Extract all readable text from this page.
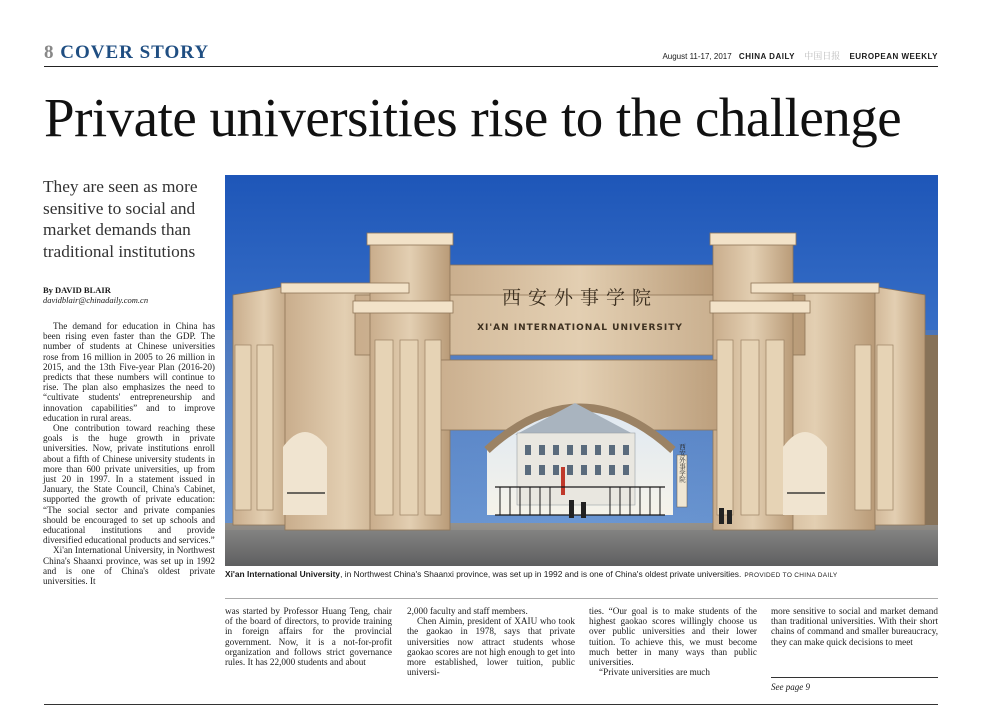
8 COVER STORY	August 11-17, 2017 CHINA DAILY 中国日报 EUROPEAN WEEKLY
Private universities rise to the challenge

They are seen as more sensitive to social and market demands than traditional institutions

By DAVID BLAIR
davidblair@chinadaily.com.cn

The demand for education in China has been rising even faster than the GDP. The number of students at Chinese universities rose from 16 million in 2005 to 26 million in 2015, and the 13th Five-year Plan (2016-20) predicts that these numbers will continue to rise. The plan also emphasizes the need to “cultivate students' entrepreneurship and innovation capabilities” and to improve education in rural areas.

One contribution toward reaching these goals is the huge growth in private universities. Now, private institutions enroll about a fifth of Chinese university students in more than 600 private universities, up from just 20 in 1997. In a statement issued in January, the State Council, China's Cabinet, supported the growth of private education: “The social sector and private companies should be encouraged to set up schools and educational institutions and provide diversified educational products and services.”

Xi'an International University, in Northwest China's Shaanxi province, was set up in 1992 and is one of China's oldest private universities. It

西安外事学院
XI'AN INTERNATIONAL UNIVERSITY
西安外事学院
Xi'an International University, in Northwest China's Shaanxi province, was set up in 1992 and is one of China's oldest private universities. PROVIDED TO CHINA DAILY

was started by Professor Huang Teng, chair of the board of directors, to provide training in foreign affairs for the provincial government. Now, it is a not-for-profit organization and follows strict governance rules. It has 22,000 students and about

2,000 faculty and staff members.

Chen Aimin, president of XAIU who took the gaokao in 1978, says that private universities now attract students whose gaokao scores are not high enough to get into more established, lower tuition, public universi-

ties. “Our goal is to make students of the highest gaokao scores willingly choose us over public universities and their lower tuition. To achieve this, we must become much better in many ways than public universities.

“Private universities are much

more sensitive to social and market demand than traditional universities. With their short chains of command and smaller bureaucracy, they can make quick decisions to meet

See page 9
